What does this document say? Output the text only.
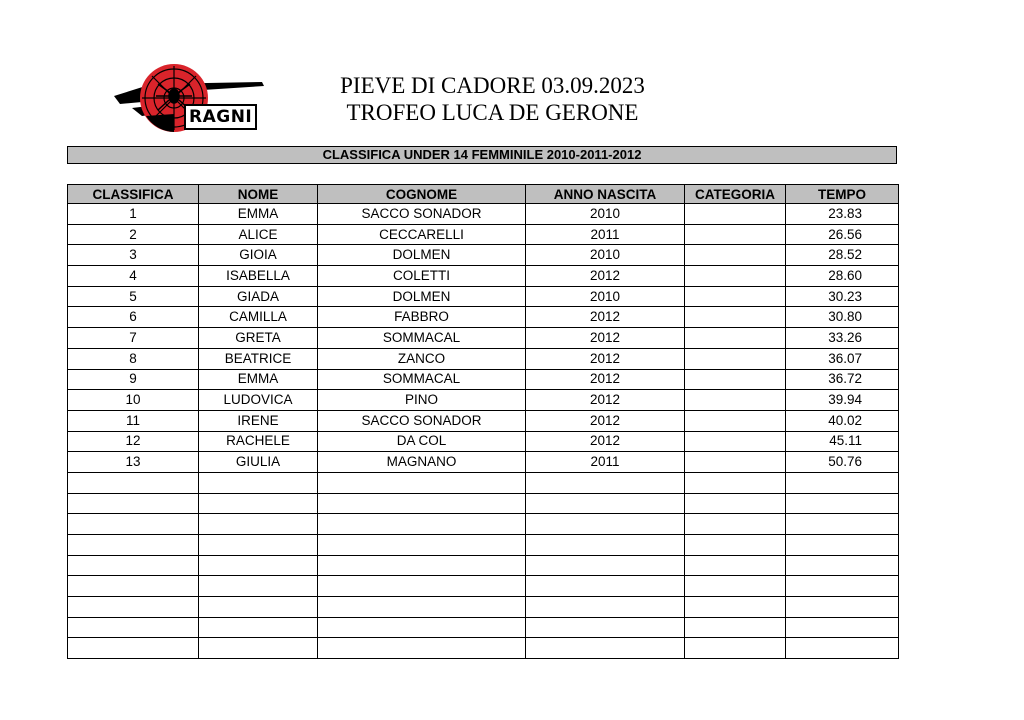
RAGNI
PIEVE DI CADORE 03.09.2023
TROFEO LUCA DE GERONE
CLASSIFICA UNDER 14 FEMMINILE 2010-2011-2012
CLASSIFICA	NOME	COGNOME	ANNO NASCITA	CATEGORIA	TEMPO
1	EMMA	SACCO SONADOR	2010		23.83
2	ALICE	CECCARELLI	2011		26.56
3	GIOIA	DOLMEN	2010		28.52
4	ISABELLA	COLETTI	2012		28.60
5	GIADA	DOLMEN	2010		30.23
6	CAMILLA	FABBRO	2012		30.80
7	GRETA	SOMMACAL	2012		33.26
8	BEATRICE	ZANCO	2012		36.07
9	EMMA	SOMMACAL	2012		36.72
10	LUDOVICA	PINO	2012		39.94
11	IRENE	SACCO SONADOR	2012		40.02
12	RACHELE	DA COL	2012		45.11
13	GIULIA	MAGNANO	2011		50.76
